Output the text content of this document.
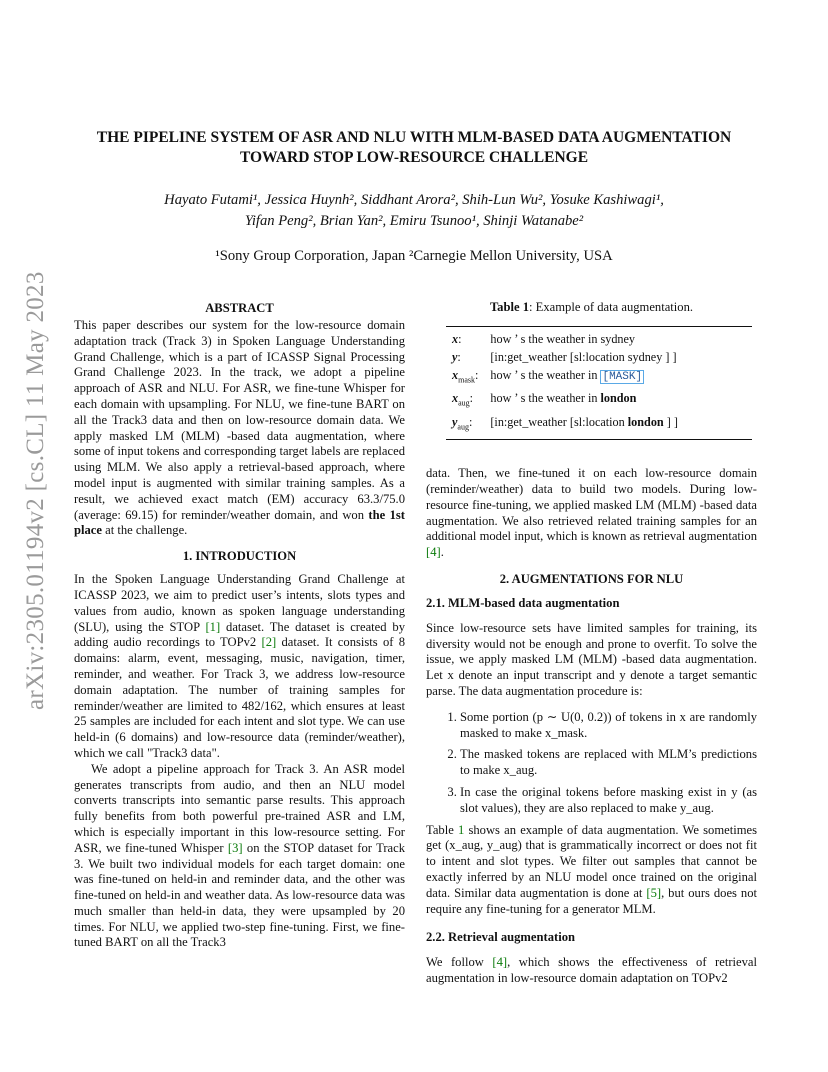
arXiv:2305.01194v2 [cs.CL] 11 May 2023
THE PIPELINE SYSTEM OF ASR AND NLU WITH MLM-BASED DATA AUGMENTATION
TOWARD STOP LOW-RESOURCE CHALLENGE
Hayato Futami¹, Jessica Huynh², Siddhant Arora², Shih-Lun Wu², Yosuke Kashiwagi¹,
Yifan Peng², Brian Yan², Emiru Tsunoo¹, Shinji Watanabe²
¹Sony Group Corporation, Japan ²Carnegie Mellon University, USA
ABSTRACT

This paper describes our system for the low-resource domain adaptation track (Track 3) in Spoken Language Understanding Grand Challenge, which is a part of ICASSP Signal Processing Grand Challenge 2023. In the track, we adopt a pipeline approach of ASR and NLU. For ASR, we fine-tune Whisper for each domain with upsampling. For NLU, we fine-tune BART on all the Track3 data and then on low-resource domain data. We apply masked LM (MLM) -based data augmentation, where some of input tokens and corresponding target labels are replaced using MLM. We also apply a retrieval-based approach, where model input is augmented with similar training samples. As a result, we achieved exact match (EM) accuracy 63.3/75.0 (average: 69.15) for reminder/weather domain, and won the 1st place at the challenge.

1. INTRODUCTION

In the Spoken Language Understanding Grand Challenge at ICASSP 2023, we aim to predict user’s intents, slots types and values from audio, known as spoken language understanding (SLU), using the STOP [1] dataset. The dataset is created by adding audio recordings to TOPv2 [2] dataset. It consists of 8 domains: alarm, event, messaging, music, navigation, timer, reminder, and weather. For Track 3, we address low-resource domain adaptation. The number of training samples for reminder/weather are limited to 482/162, which ensures at least 25 samples are included for each intent and slot type. We can use held-in (6 domains) and low-resource data (reminder/weather), which we call "Track3 data".

We adopt a pipeline approach for Track 3. An ASR model generates transcripts from audio, and then an NLU model converts transcripts into semantic parse results. This approach fully benefits from both powerful pre-trained ASR and LM, which is especially important in this low-resource setting. For ASR, we fine-tuned Whisper [3] on the STOP dataset for Track 3. We built two individual models for each target domain: one was fine-tuned on held-in and reminder data, and the other was fine-tuned on held-in and weather data. As low-resource data was much smaller than held-in data, they were upsampled by 20 times. For NLU, we applied two-step fine-tuning. First, we fine-tuned BART on all the Track3

Table 1: Example of data augmentation.
x:	how ’ s the weather in sydney
y:	[in:get_weather [sl:location sydney ] ]
$x_{mask}$:	how ’ s the weather in [MASK]
$x_{aug}$:	how ’ s the weather in london
$y_{aug}$:	[in:get_weather [sl:location london ] ]

data. Then, we fine-tuned it on each low-resource domain (reminder/weather) data to build two models. During low-resource fine-tuning, we applied masked LM (MLM) -based data augmentation. We also retrieved related training samples for an additional model input, which is known as retrieval augmentation [4].

2. AUGMENTATIONS FOR NLU
2.1. MLM-based data augmentation

Since low-resource sets have limited samples for training, its diversity would not be enough and prone to overfit. To solve the issue, we apply masked LM (MLM) -based data augmentation. Let x denote an input transcript and y denote a target semantic parse. The data augmentation procedure is:

1. Some portion (p ∼ U(0, 0.2)) of tokens in x are randomly masked to make x_mask.
2. The masked tokens are replaced with MLM’s predictions to make x_aug.
3. In case the original tokens before masking exist in y (as slot values), they are also replaced to make y_aug.

Table 1 shows an example of data augmentation. We sometimes get (x_aug, y_aug) that is grammatically incorrect or does not fit to intent and slot types. We filter out samples that cannot be exactly inferred by an NLU model once trained on the original data. Similar data augmentation is done at [5], but ours does not require any fine-tuning for a generator MLM.

2.2. Retrieval augmentation

We follow [4], which shows the effectiveness of retrieval augmentation in low-resource domain adaptation on TOPv2
